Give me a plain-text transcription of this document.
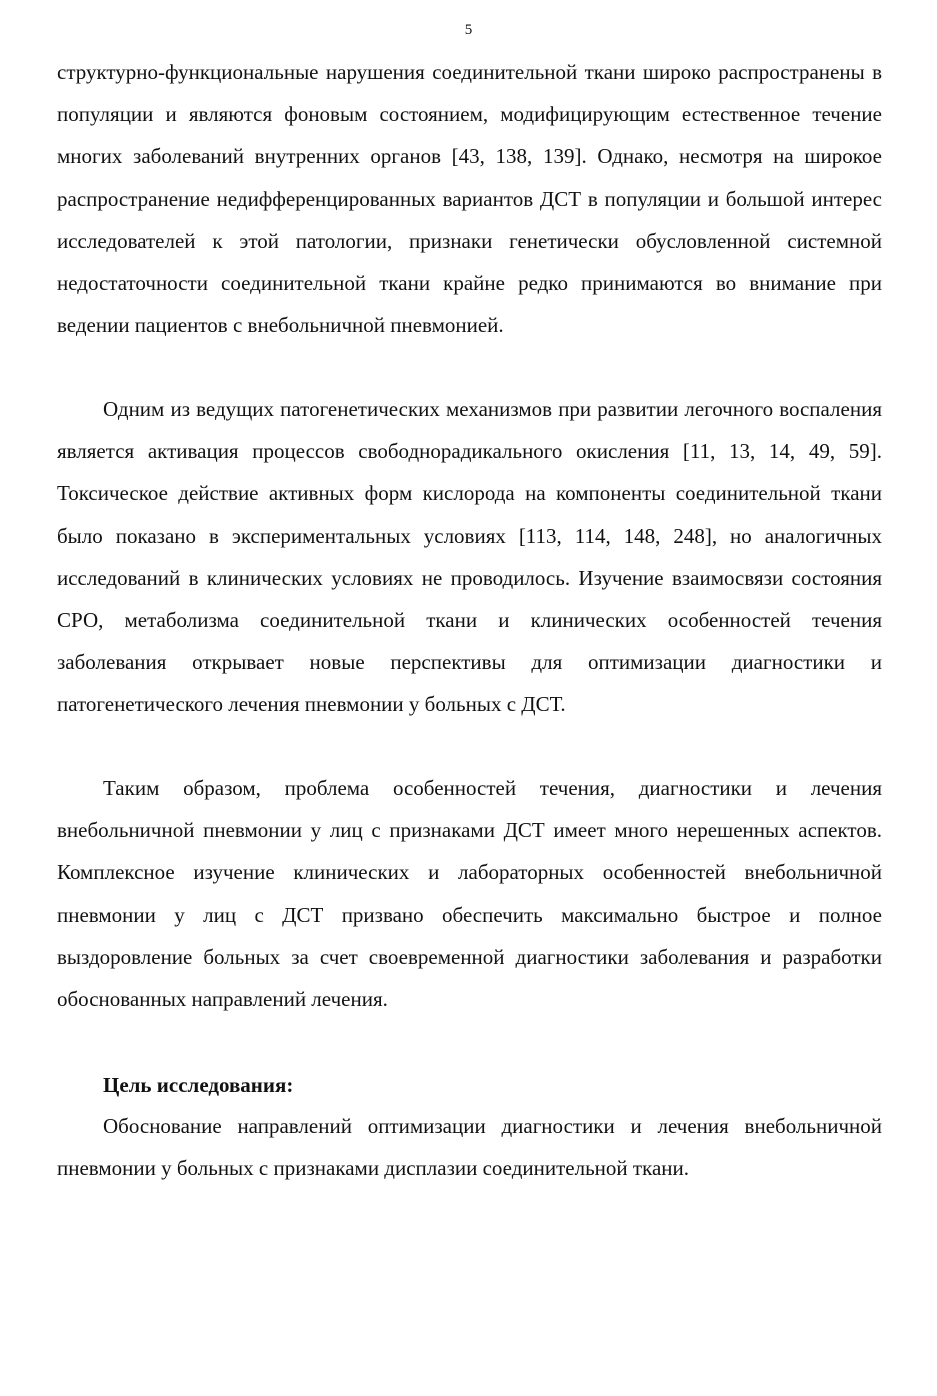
5

структурно-функциональные нарушения соединительной ткани широко распространены в популяции и являются фоновым состоянием, модифицирующим естественное течение многих заболеваний внутренних органов [43, 138, 139]. Однако, несмотря на широкое распространение недифференцированных вариантов ДСТ в популяции и большой интерес исследователей к этой патологии, признаки генетически обусловленной системной недостаточности соединительной ткани крайне редко принимаются во внимание при ведении пациентов с внебольничной пневмонией.

Одним из ведущих патогенетических механизмов при развитии легочного воспаления является активация процессов свободнорадикального окисления [11, 13, 14, 49, 59]. Токсическое действие активных форм кислорода на компоненты соединительной ткани было показано в экспериментальных условиях [113, 114, 148, 248], но аналогичных исследований в клинических условиях не проводилось. Изучение взаимосвязи состояния СРО, метаболизма соединительной ткани и клинических особенностей течения заболевания открывает новые перспективы для оптимизации диагностики и патогенетического лечения пневмонии у больных с ДСТ.

Таким образом, проблема особенностей течения, диагностики и лечения внебольничной пневмонии у лиц с признаками ДСТ имеет много нерешенных аспектов. Комплексное изучение клинических и лабораторных особенностей внебольничной пневмонии у лиц с ДСТ призвано обеспечить максимально быстрое и полное выздоровление больных за счет своевременной диагностики заболевания и разработки обоснованных направлений лечения.

Цель исследования:

Обоснование направлений оптимизации диагностики и лечения внебольничной пневмонии у больных с признаками дисплазии соединительной ткани.
